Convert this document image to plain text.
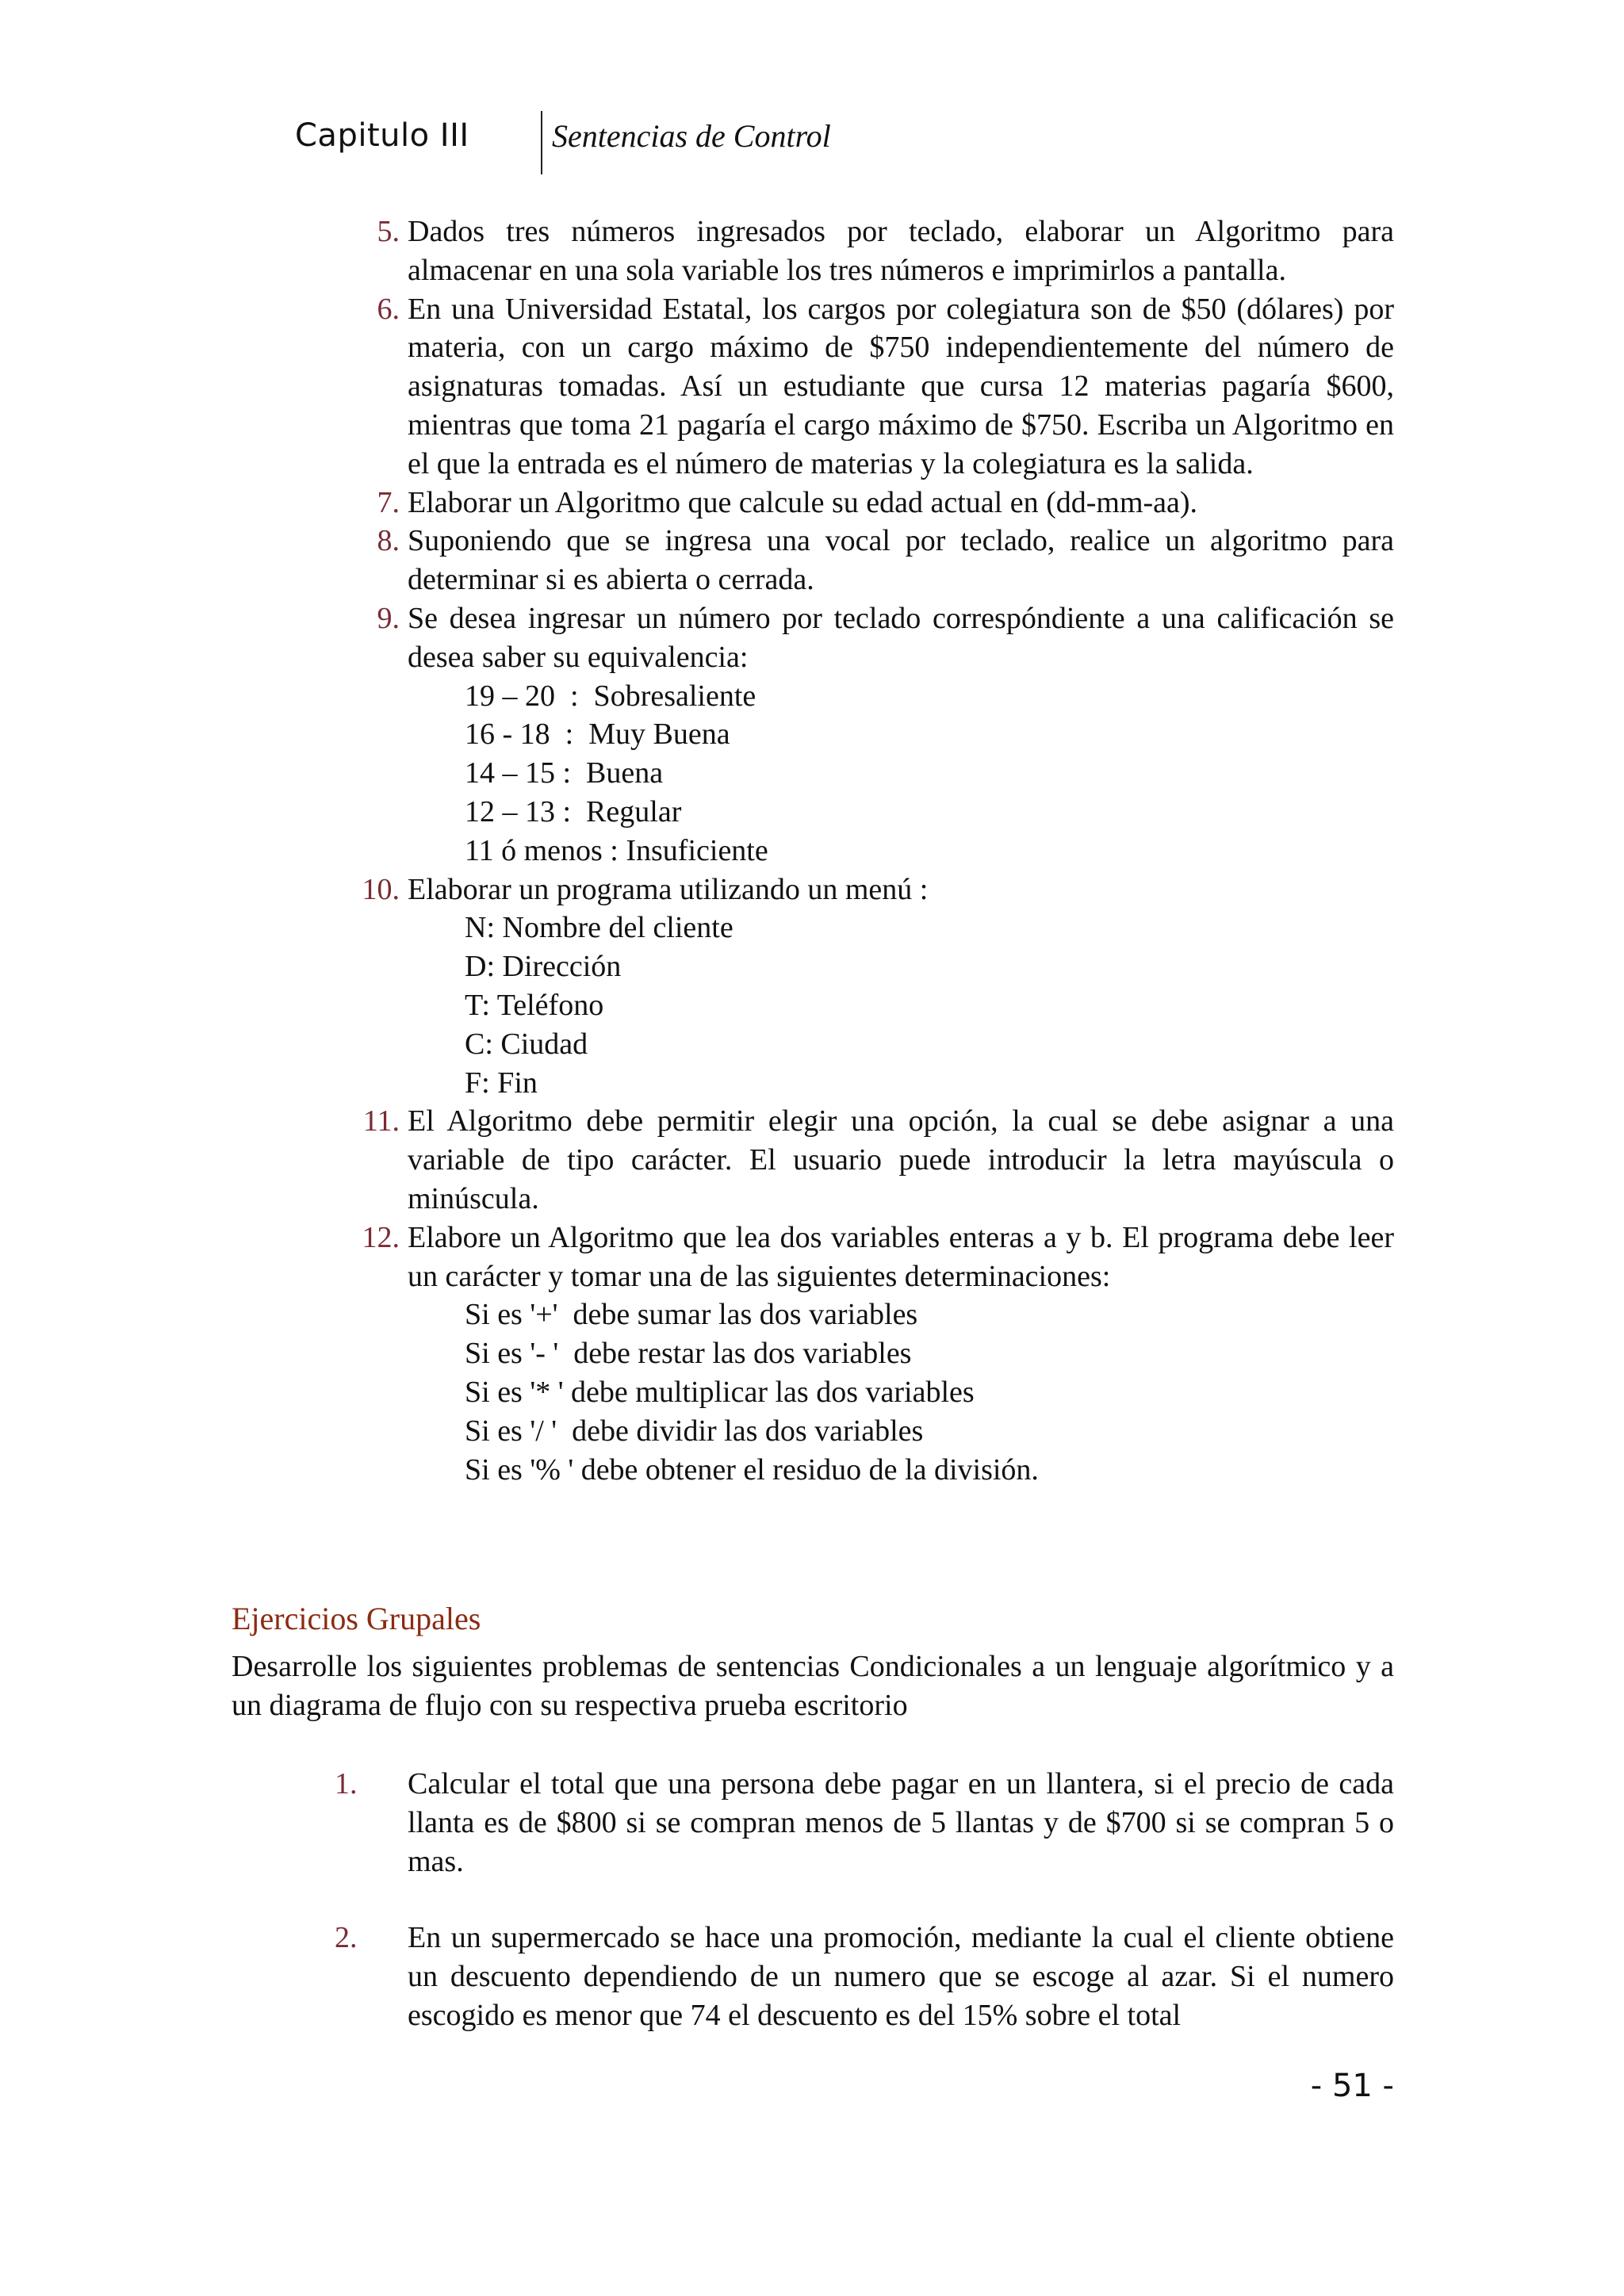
Capitulo III	Sentencias de Control
5. Dados tres números ingresados por teclado, elaborar un Algoritmo para almacenar en una sola variable los tres números e imprimirlos a pantalla.
6. En una Universidad Estatal, los cargos por colegiatura son de $50 (dólares) por materia, con un cargo máximo de $750 independientemente del número de asignaturas tomadas. Así un estudiante que cursa 12 materias pagaría $600, mientras que toma 21 pagaría el cargo máximo de $750. Escriba un Algoritmo en el que la entrada es el número de materias y la colegiatura es la salida.
7. Elaborar un Algoritmo que calcule su edad actual en (dd-mm-aa).
8. Suponiendo que se ingresa una vocal por teclado, realice un algoritmo para determinar si es abierta o cerrada.
9. Se desea ingresar un número por teclado correspóndiente a una calificación se desea saber su equivalencia:
19 – 20  :  Sobresaliente
16 - 18  :  Muy Buena
14 – 15 :  Buena
12 – 13 :  Regular
11 ó menos : Insuficiente
10. Elaborar un programa utilizando un menú :
N: Nombre del cliente
D: Dirección
T: Teléfono
C: Ciudad
F: Fin
11. El Algoritmo debe permitir elegir una opción, la cual se debe asignar a una variable de tipo carácter. El usuario puede introducir la letra mayúscula o minúscula.
12. Elabore un Algoritmo que lea dos variables enteras a y b. El programa debe leer un carácter y tomar una de las siguientes determinaciones:
Si es '+'  debe sumar las dos variables
Si es '- '  debe restar las dos variables
Si es '* ' debe multiplicar las dos variables
Si es '/ '  debe dividir las dos variables
Si es '% ' debe obtener el residuo de la división.
Ejercicios Grupales
Desarrolle los siguientes problemas de sentencias Condicionales a un lenguaje algorítmico y a un diagrama de flujo con su respectiva prueba escritorio
1.	Calcular el total que una persona debe pagar en un llantera, si el precio de cada llanta es de $800 si se compran menos de 5 llantas y de $700 si se compran 5 o mas.
2.	En un supermercado se hace una promoción, mediante la cual el cliente obtiene un descuento dependiendo de un numero que se escoge al azar. Si el numero escogido es menor que 74 el descuento es del 15% sobre el total
- 51 -
